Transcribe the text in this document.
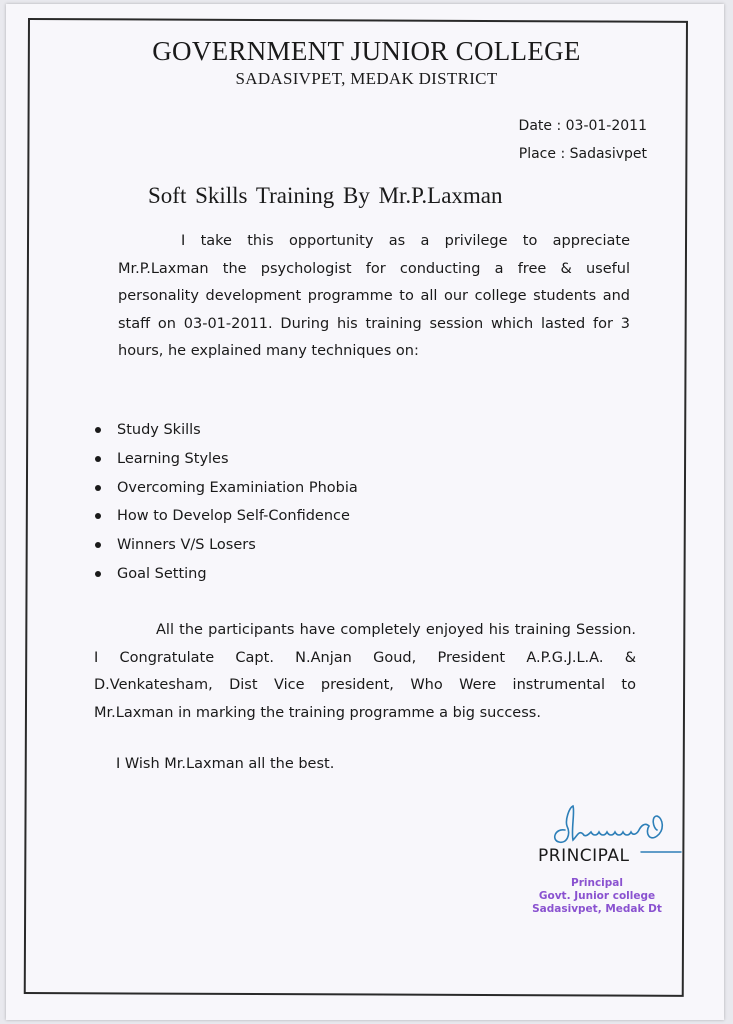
GOVERNMENT JUNIOR COLLEGE
SADASIVPET, MEDAK DISTRICT
Date : 03-01-2011
Place : Sadasivpet
Soft Skills Training By Mr.P.Laxman
I take this opportunity as a privilege to appreciate Mr.P.Laxman the psychologist for conducting a free & useful personality development programme to all our college students and staff on 03-01-2011. During his training session which lasted for 3 hours, he explained many techniques on:
Study Skills
Learning Styles
Overcoming Examiniation Phobia
How to Develop Self-Confidence
Winners V/S Losers
Goal Setting
All the participants have completely enjoyed his training Session. I Congratulate Capt. N.Anjan Goud, President A.P.G.J.L.A. & D.Venkatesham, Dist Vice president, Who Were instrumental to Mr.Laxman in marking the training programme a big success.
I Wish Mr.Laxman all the best.
PRINCIPAL
Principal
Govt. Junior college
Sadasivpet, Medak Dt
